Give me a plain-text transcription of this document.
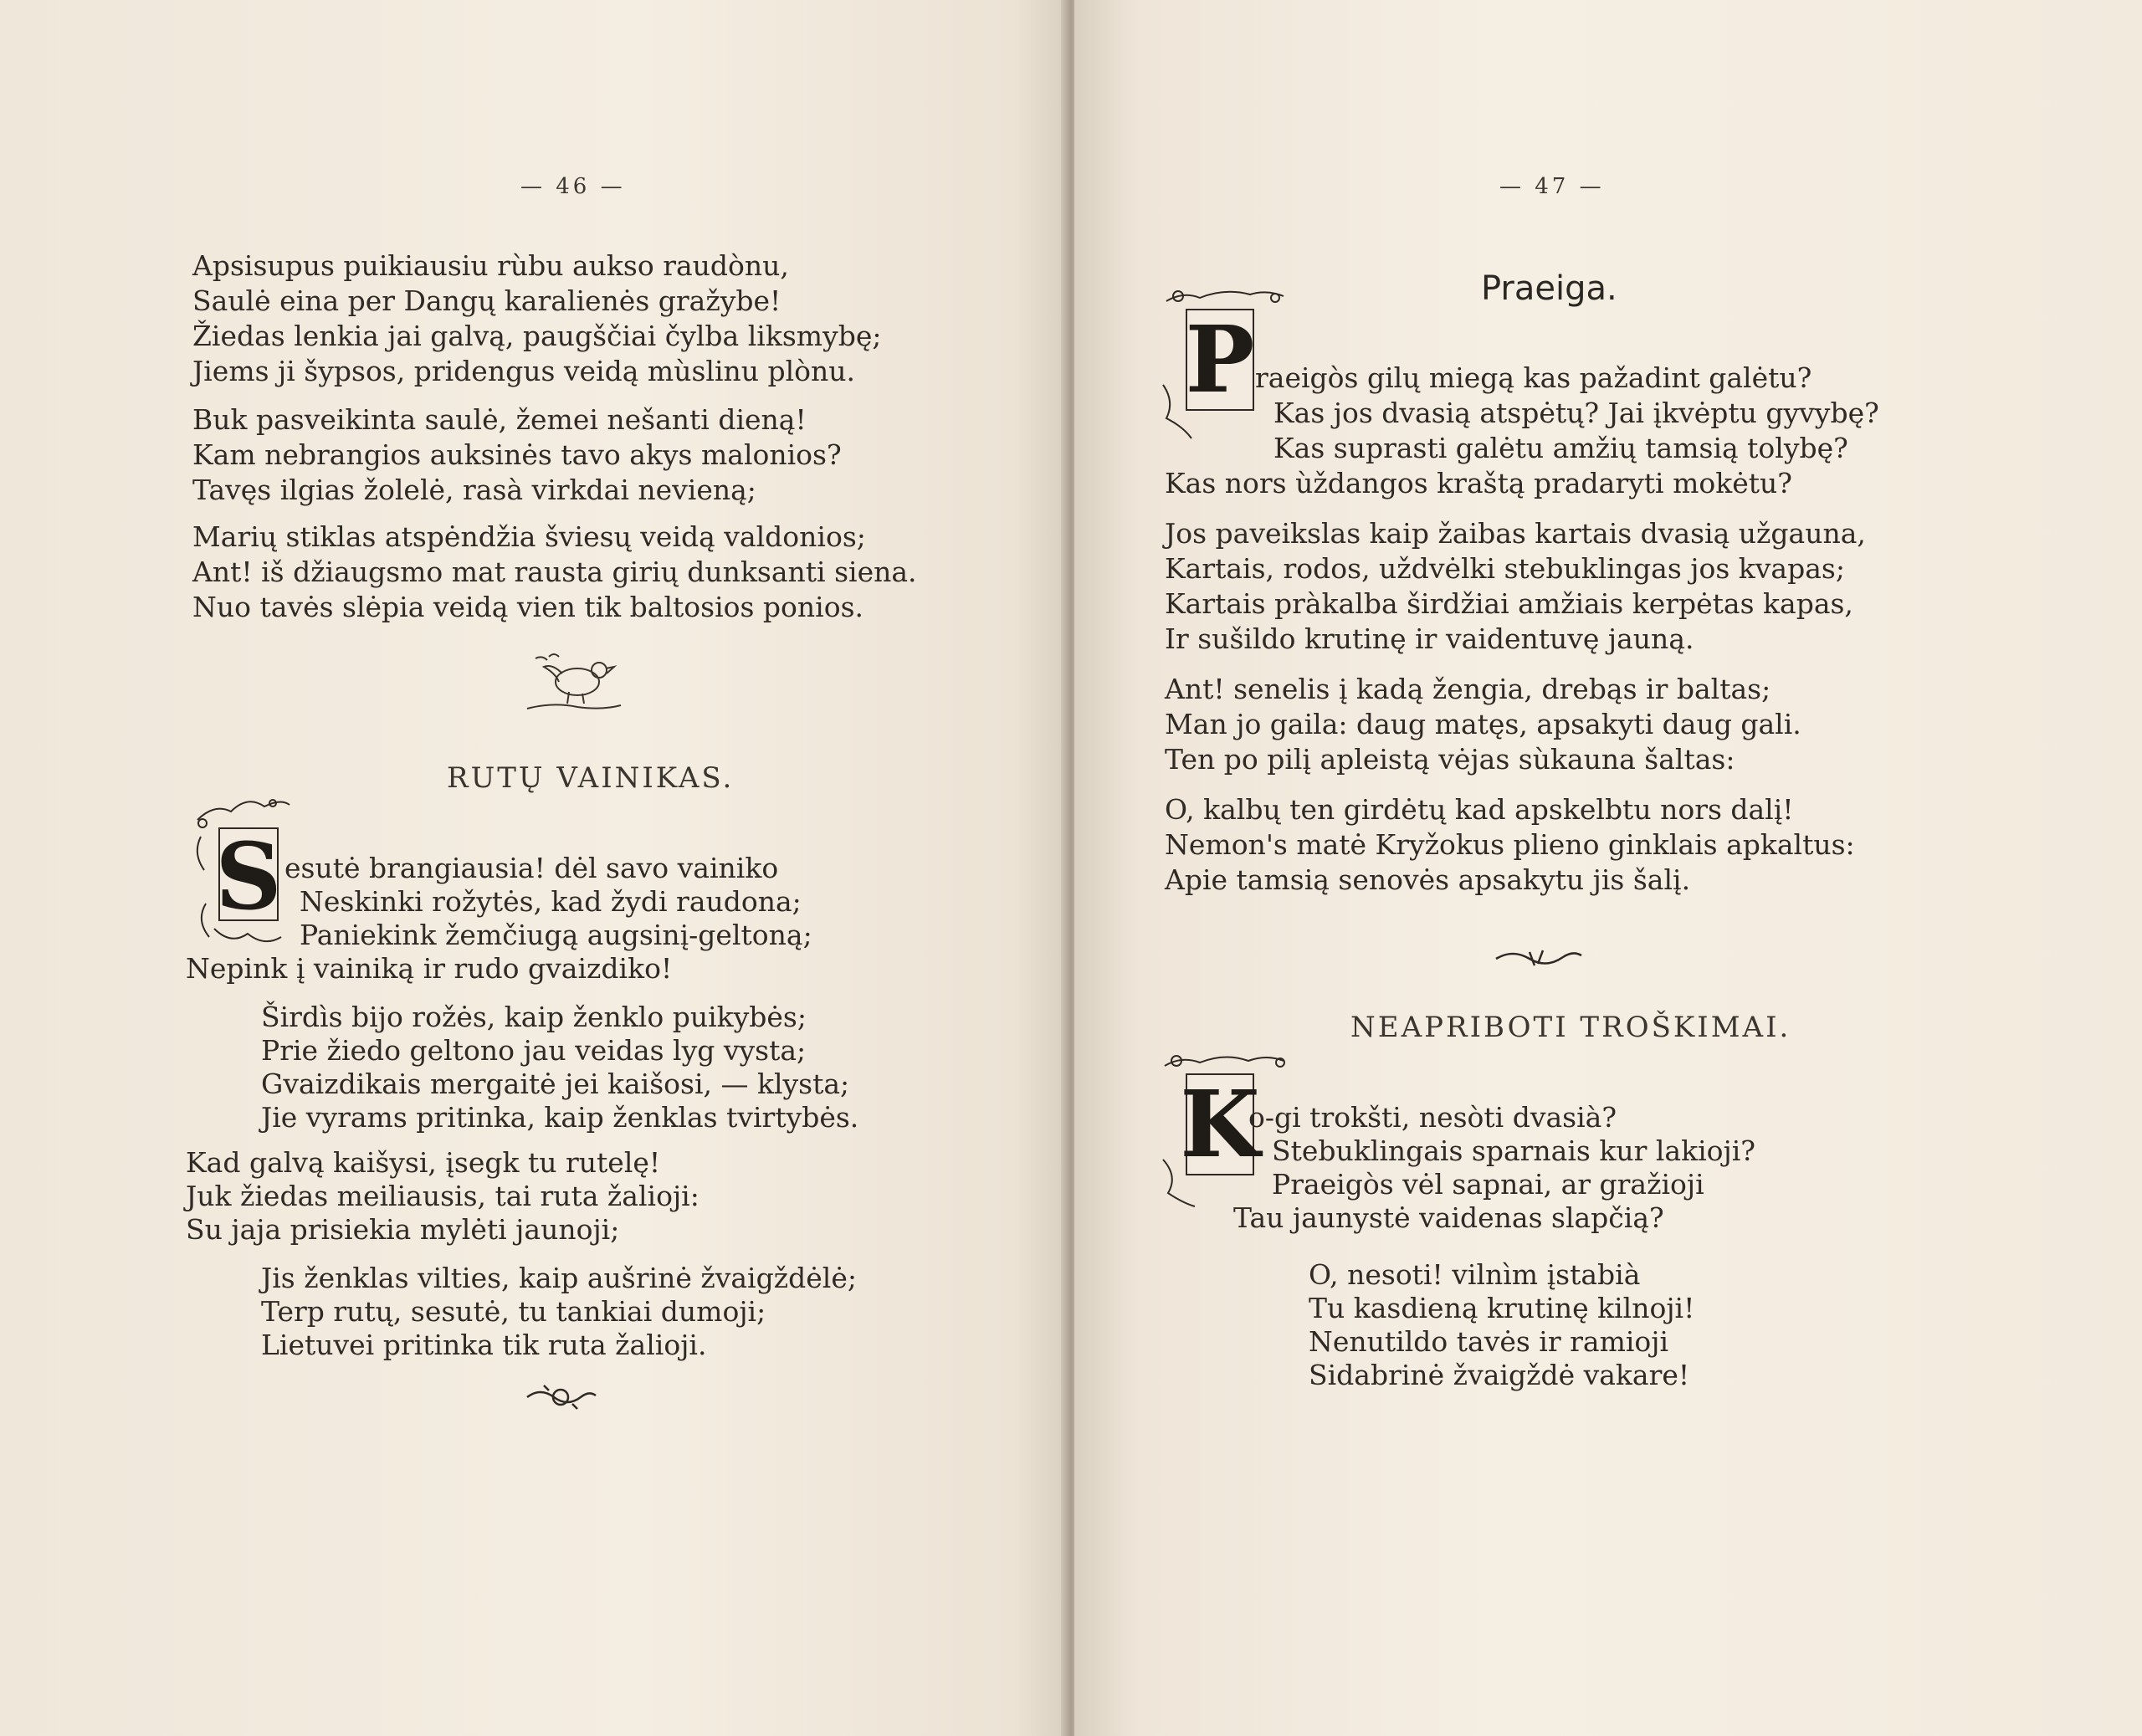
— 46 —
Apsisupus puikiausiu rùbu aukso raudònu,
Saulė eina per Dangų karalienės gražybe!
Žiedas lenkia jai galvą, paugščiai čylba liksmybę;
Jiems ji šypsos, pridengus veidą mùslinu plònu.
Buk pasveikinta saulė, žemei nešanti dieną!
Kam nebrangios auksinės tavo akys malonios?
Tavęs ilgias žolelė, rasà virkdai nevieną;
Marių stiklas atspėndžia šviesų veidą valdonios;
Ant! iš džiaugsmo mat rausta girių dunksanti siena.
Nuo tavės slėpia veidą vien tik baltosios ponios.
RUTŲ VAINIKAS.
S esutė brangiausia! dėl savo vainiko
Neskinki rožytės, kad žydi raudona;
Paniekink žemčiugą augsinį-geltoną;
Nepink į vainiką ir rudo gvaizdiko!
Širdìs bijo rožės, kaip ženklo puikybės;
Prie žiedo geltono jau veidas lyg vysta;
Gvaizdikais mergaitė jei kaišosi, — klysta;
Jie vyrams pritinka, kaip ženklas tvirtybės.
Kad galvą kaišysi, įsegk tu rutelę!
Juk žiedas meiliausis, tai ruta žalioji:
Su jaja prisiekia mylėti jaunoji;
Jis ženklas vilties, kaip aušrinė žvaigždėlė;
Terp rutų, sesutė, tu tankiai dumoji;
Lietuvei pritinka tik ruta žalioji.
— 47 —
Praeiga.
P raeigòs gilų miegą kas pažadint galėtu?
Kas jos dvasią atspėtų? Jai įkvėptu gyvybę?
Kas suprasti galėtu amžių tamsią tolybę?
Kas nors ùždangos kraštą pradaryti mokėtu?
Jos paveikslas kaip žaibas kartais dvasią užgauna,
Kartais, rodos, uždvėlki stebuklingas jos kvapas;
Kartais pràkalba širdžiai amžiais kerpėtas kapas,
Ir sušildo krutinę ir vaidentuvę jauną.
Ant! senelis į kadą žengia, drebąs ir baltas;
Man jo gaila: daug matęs, apsakyti daug gali.
Ten po pilį apleistą vėjas sùkauna šaltas:
O, kalbų ten girdėtų kad apskelbtu nors dalį!
Nemon's matė Kryžokus plieno ginklais apkaltus:
Apie tamsią senovės apsakytu jis šalį.
NEAPRIBOTI TROŠKIMAI.
K
o-gi trokšti, nesòti dvasià?
Stebuklingais sparnais kur lakioji?
Praeigòs vėl sapnai, ar gražioji
Tau jaunystė vaidenas slapčią?
O, nesoti! vilnìm įstabià
Tu kasdieną krutinę kilnoji!
Nenutildo tavės ir ramioji
Sidabrinė žvaigždė vakare!
